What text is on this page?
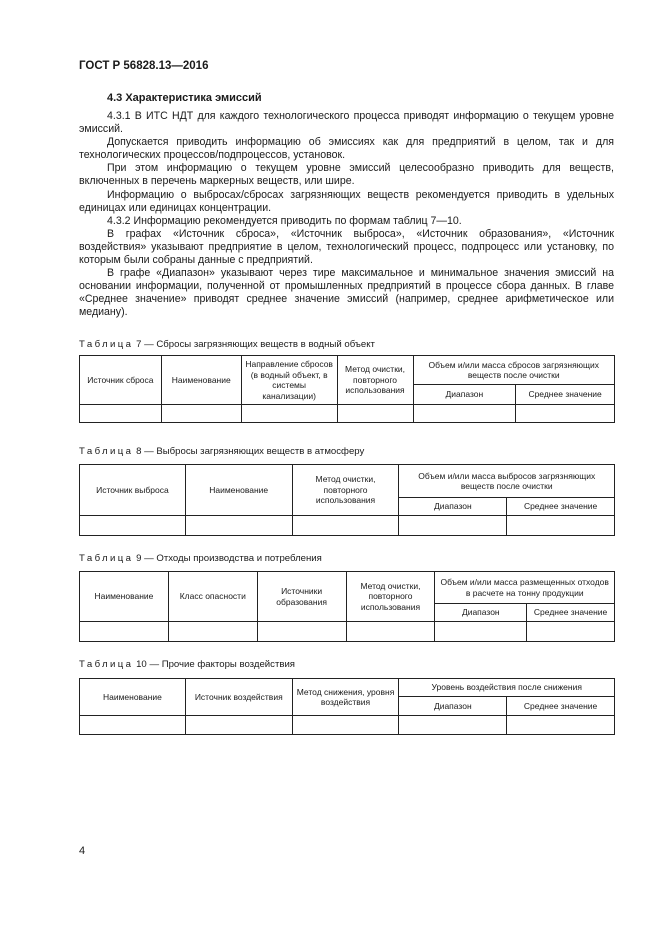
ГОСТ Р 56828.13—2016
4.3 Характеристика эмиссий

4.3.1 В ИТС НДТ для каждого технологического процесса приводят информацию о текущем уровне эмиссий.

Допускается приводить информацию об эмиссиях как для предприятий в целом, так и для технологических процессов/подпроцессов, установок.

При этом информацию о текущем уровне эмиссий целесообразно приводить для веществ, включенных в перечень маркерных веществ, или шире.

Информацию о выбросах/сбросах загрязняющих веществ рекомендуется приводить в удельных единицах или единицах концентрации.

4.3.2 Информацию рекомендуется приводить по формам таблиц 7—10.

В графах «Источник сброса», «Источник выброса», «Источник образования», «Источник воздействия» указывают предприятие в целом, технологический процесс, подпроцесс или установку, по которым были собраны данные с предприятий.

В графе «Диапазон» указывают через тире максимальное и минимальное значения эмиссий на основании информации, полученной от промышленных предприятий в процессе сбора данных. В главе «Среднее значение» приводят среднее значение эмиссий (например, среднее арифметическое или медиану).

Таблица 7 — Сбросы загрязняющих веществ в водный объект
Источник сброса	Наименование	Направление сбросов (в водный объект, в системы канализации)	Метод очистки, повторного использования	Объем и/или масса сбросов загрязняющих веществ после очистки	
				Диапазон	Среднее значение

Таблица 8 — Выбросы загрязняющих веществ в атмосферу
Источник выброса	Наименование	Метод очистки, повторного использования	Объем и/или масса выбросов загрязняющих веществ после очистки	
			Диапазон	Среднее значение

Таблица 9 — Отходы производства и потребления
Наименование	Класс опасности	Источники образования	Метод очистки, повторного использования	Объем и/или масса размещенных отходов в расчете на тонну продукции	
				Диапазон	Среднее значение

Таблица 10 — Прочие факторы воздействия
Наименование	Источник воздействия	Метод снижения, уровня воздействия	Уровень воздействия после снижения	
			Диапазон	Среднее значение

4
